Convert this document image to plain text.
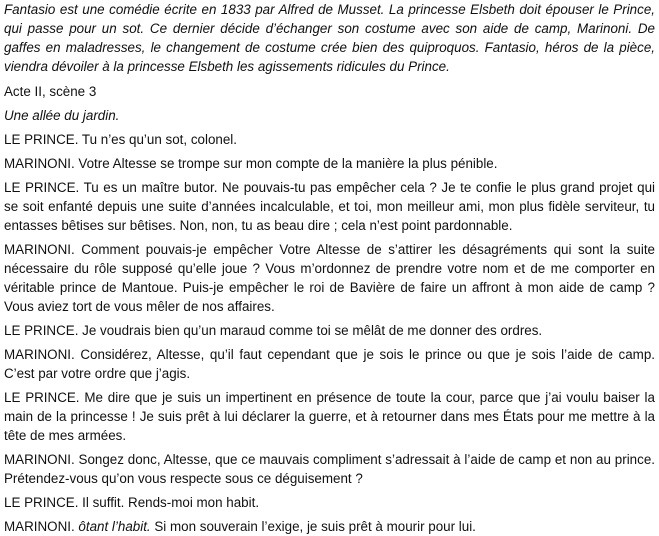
Fantasio est une comédie écrite en 1833 par Alfred de Musset. La princesse Elsbeth doit épouser le Prince, qui passe pour un sot. Ce dernier décide d’échanger son costume avec son aide de camp, Marinoni. De gaffes en maladresses, le changement de costume crée bien des quiproquos. Fantasio, héros de la pièce, viendra dévoiler à la princesse Elsbeth les agissements ridicules du Prince.

Acte II, scène 3

Une allée du jardin.

LE PRINCE. Tu n’es qu’un sot, colonel.

MARINONI. Votre Altesse se trompe sur mon compte de la manière la plus pénible.

LE PRINCE. Tu es un maître butor. Ne pouvais-tu pas empêcher cela ? Je te confie le plus grand projet qui se soit enfanté depuis une suite d’années incalculable, et toi, mon meilleur ami, mon plus fidèle serviteur, tu entasses bêtises sur bêtises. Non, non, tu as beau dire ; cela n’est point pardonnable.

MARINONI. Comment pouvais-je empêcher Votre Altesse de s’attirer les désagréments qui sont la suite nécessaire du rôle supposé qu’elle joue ? Vous m’ordonnez de prendre votre nom et de me comporter en véritable prince de Mantoue. Puis-je empêcher le roi de Bavière de faire un affront à mon aide de camp ? Vous aviez tort de vous mêler de nos affaires.

LE PRINCE. Je voudrais bien qu’un maraud comme toi se mêlât de me donner des ordres.

MARINONI. Considérez, Altesse, qu’il faut cependant que je sois le prince ou que je sois l’aide de camp. C’est par votre ordre que j’agis.

LE PRINCE. Me dire que je suis un impertinent en présence de toute la cour, parce que j’ai voulu baiser la main de la princesse ! Je suis prêt à lui déclarer la guerre, et à retourner dans mes États pour me mettre à la tête de mes armées.

MARINONI. Songez donc, Altesse, que ce mauvais compliment s’adressait à l’aide de camp et non au prince. Prétendez-vous qu’on vous respecte sous ce déguisement ?

LE PRINCE. Il suffit. Rends-moi mon habit.

MARINONI. ôtant l’habit. Si mon souverain l’exige, je suis prêt à mourir pour lui.
